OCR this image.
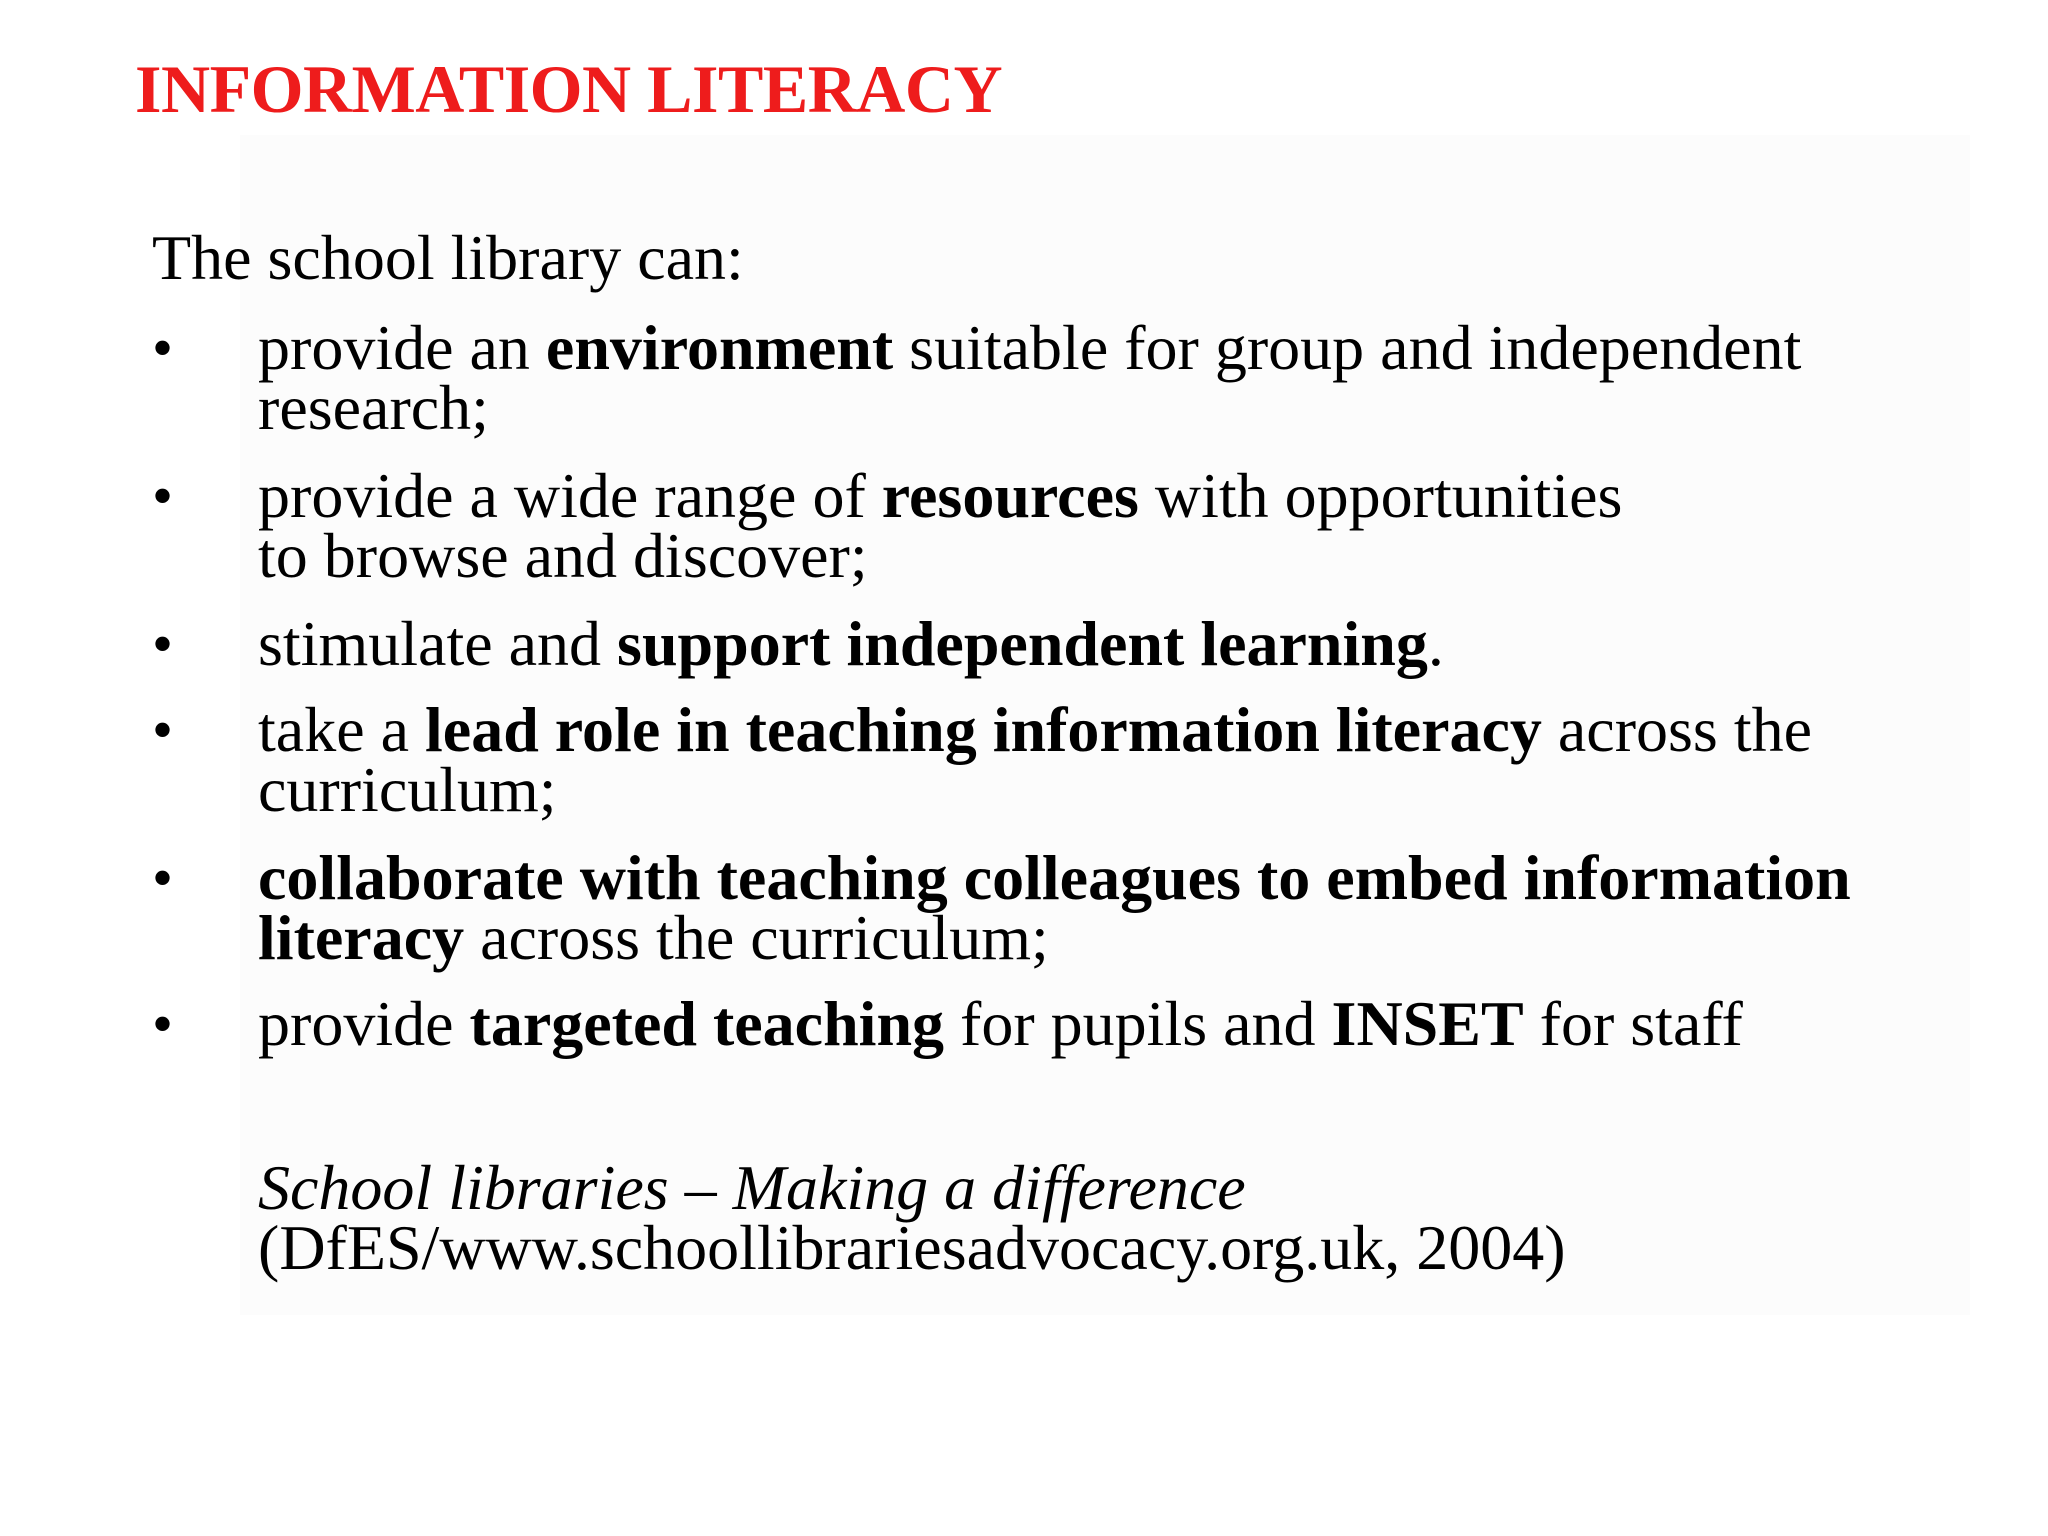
INFORMATION LITERACY
The school library can:
• provide an environment suitable for group and independent
research;
• provide a wide range of resources with opportunities
to browse and discover;
• stimulate and support independent learning.
• take a lead role in teaching information literacy across the
curriculum;
• collaborate with teaching colleagues to embed information
literacy across the curriculum;
• provide targeted teaching for pupils and INSET for staff
School libraries – Making a difference
(DfES/www.schoollibrariesadvocacy.org.uk, 2004)
